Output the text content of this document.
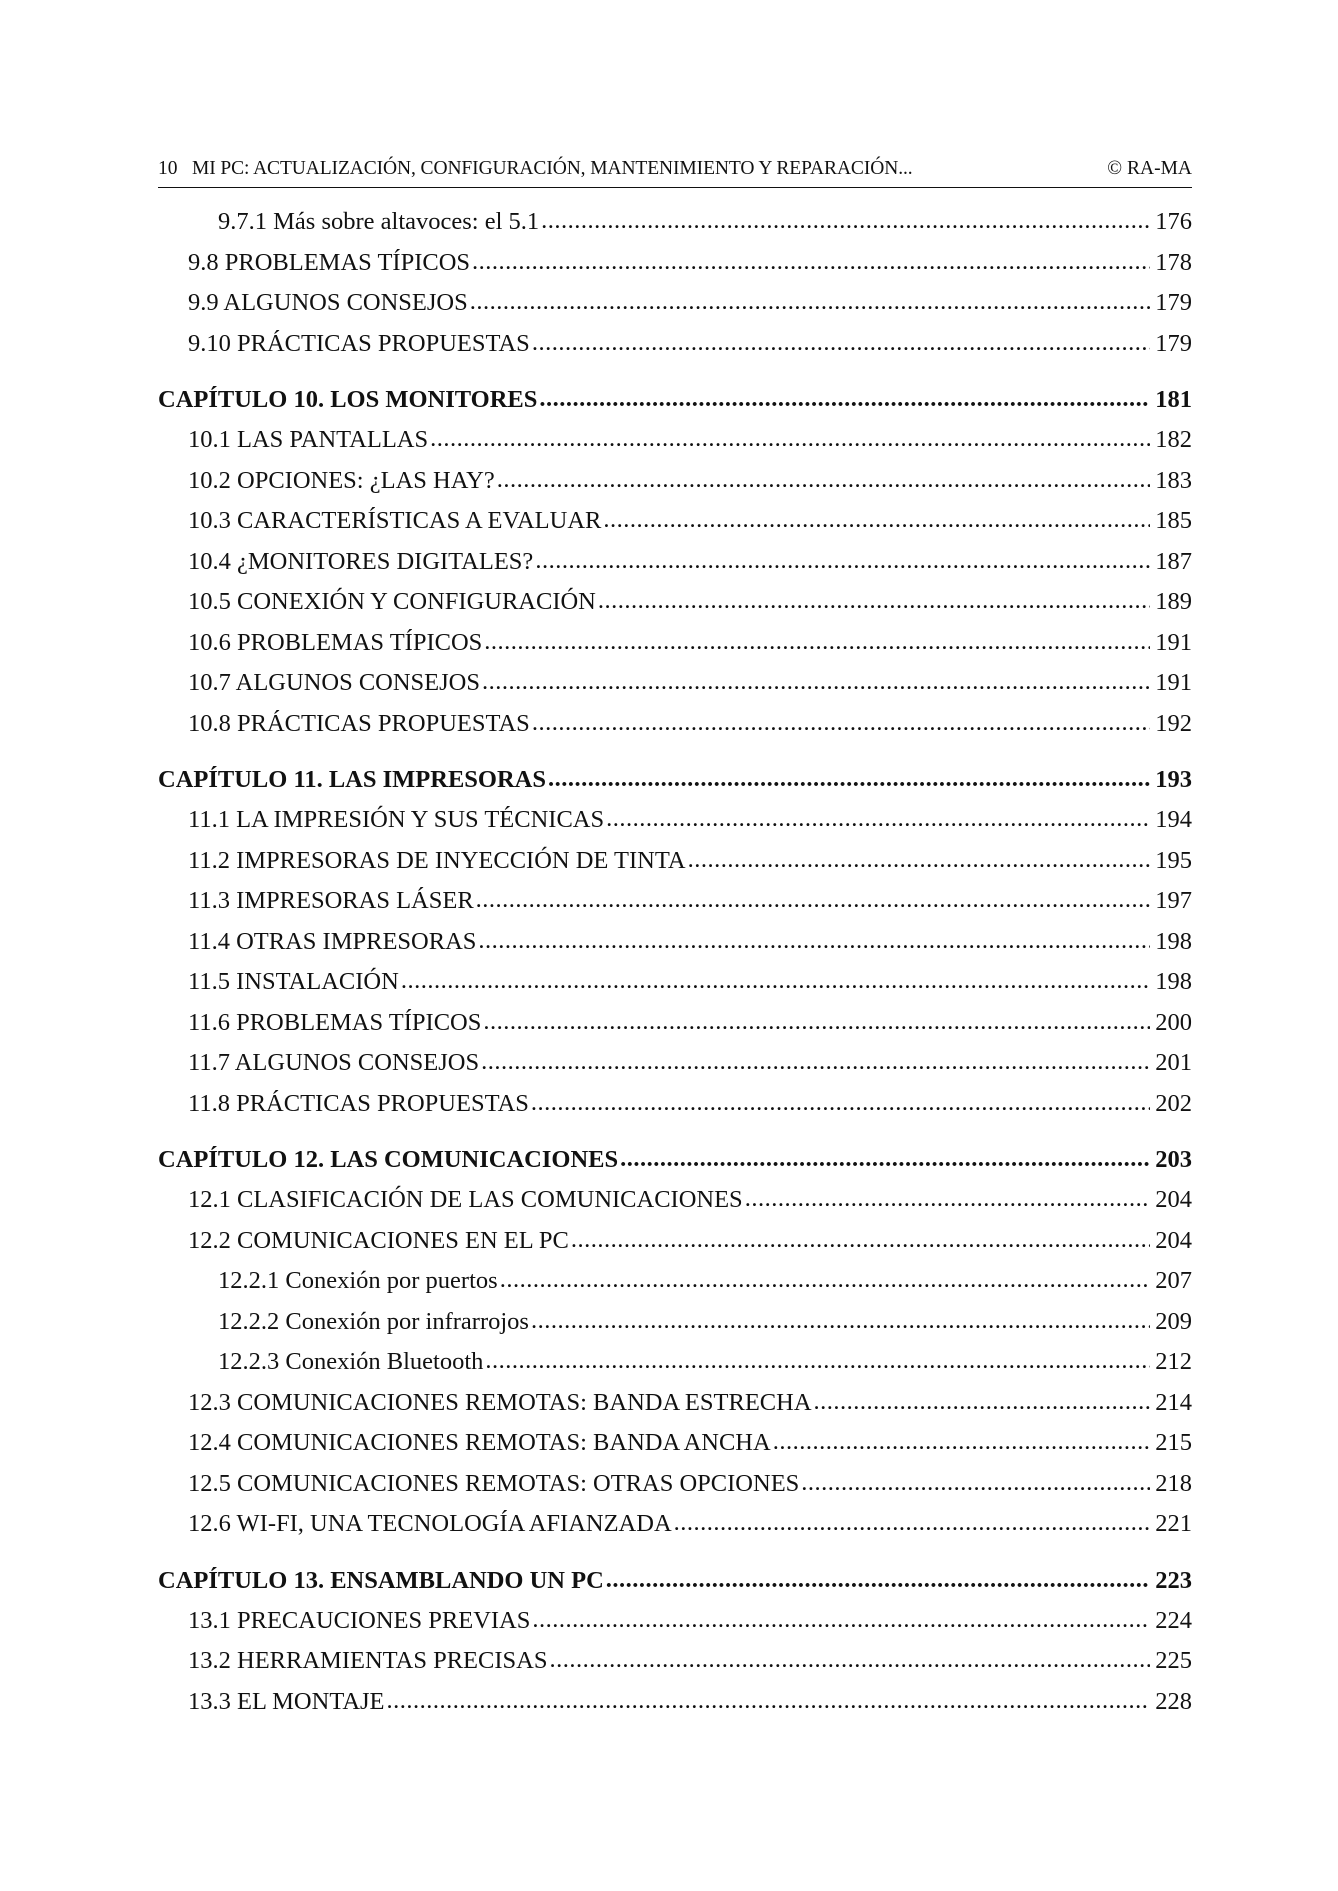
10 MI PC: ACTUALIZACIÓN, CONFIGURACIÓN, MANTENIMIENTO Y REPARACIÓN...	© RA-MA
9.7.1 Más sobre altavoces: el 5.1 .....	176
9.8 PROBLEMAS TÍPICOS .....	178
9.9 ALGUNOS CONSEJOS .....	179
9.10 PRÁCTICAS PROPUESTAS .....	179
CAPÍTULO 10. LOS MONITORES .....	181
10.1 LAS PANTALLAS .....	182
10.2 OPCIONES: ¿LAS HAY? .....	183
10.3 CARACTERÍSTICAS A EVALUAR .....	185
10.4 ¿MONITORES DIGITALES? .....	187
10.5 CONEXIÓN Y CONFIGURACIÓN .....	189
10.6 PROBLEMAS TÍPICOS .....	191
10.7 ALGUNOS CONSEJOS .....	191
10.8 PRÁCTICAS PROPUESTAS .....	192
CAPÍTULO 11. LAS IMPRESORAS .....	193
11.1 LA IMPRESIÓN Y SUS TÉCNICAS .....	194
11.2 IMPRESORAS DE INYECCIÓN DE TINTA .....	195
11.3 IMPRESORAS LÁSER .....	197
11.4 OTRAS IMPRESORAS .....	198
11.5 INSTALACIÓN .....	198
11.6 PROBLEMAS TÍPICOS .....	200
11.7 ALGUNOS CONSEJOS .....	201
11.8 PRÁCTICAS PROPUESTAS .....	202
CAPÍTULO 12. LAS COMUNICACIONES .....	203
12.1 CLASIFICACIÓN DE LAS COMUNICACIONES .....	204
12.2 COMUNICACIONES EN EL PC .....	204
12.2.1 Conexión por puertos .....	207
12.2.2 Conexión por infrarrojos .....	209
12.2.3 Conexión Bluetooth .....	212
12.3 COMUNICACIONES REMOTAS: BANDA ESTRECHA .....	214
12.4 COMUNICACIONES REMOTAS: BANDA ANCHA .....	215
12.5 COMUNICACIONES REMOTAS: OTRAS OPCIONES .....	218
12.6 WI-FI, UNA TECNOLOGÍA AFIANZADA .....	221
CAPÍTULO 13. ENSAMBLANDO UN PC .....	223
13.1 PRECAUCIONES PREVIAS .....	224
13.2 HERRAMIENTAS PRECISAS .....	225
13.3 EL MONTAJE .....	228
